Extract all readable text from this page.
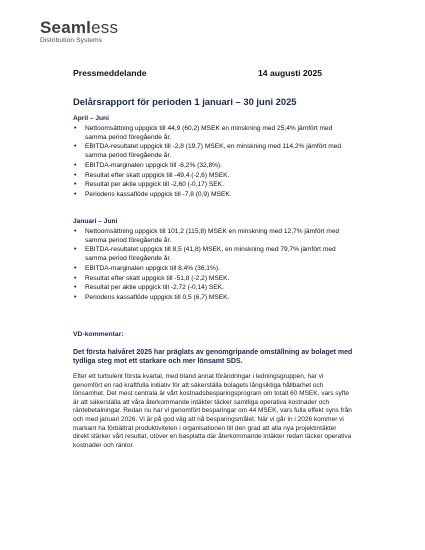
Seamless
Distribution Systems
Pressmeddelande	14 augusti 2025
Delårsrapport för perioden 1 januari – 30 juni 2025
April – Juni
• Nettoomsättning uppgick till 44,9 (60,2) MSEK en minskning med 25,4% jämfört med samma period föregående år.
• EBITDA-resultatet uppgick till -2,8 (19,7) MSEK, en minskning med 114,2% jämfört med samma period föregående år.
• EBITDA-marginalen uppgick till -6,2% (32,8%).
• Resultat efter skatt uppgick till -49,4 (-2,6) MSEK.
• Resultat per aktie uppgick till -2,60 (-0,17) SEK.
• Periodens kassaflöde uppgick till -7,8 (0,9) MSEK.
Januari – Juni
• Nettoomsättning uppgick till 101,2 (115,8) MSEK en minskning med 12,7% jämfört med samma period föregående år.
• EBITDA-resultatet uppgick till 8,5 (41,8) MSEK, en minskning med 79,7% jämfört med samma period föregående år.
• EBITDA-marginalen uppgick till 8,4% (36,1%).
• Resultat efter skatt uppgick till -51,8 (-2,2) MSEK.
• Resultat per aktie uppgick till -2,72 (-0,14) SEK.
• Periodens kassaflöde uppgick till 0,5 (6,7) MSEK.
VD-kommentar:
Det första halvåret 2025 har präglats av genomgripande omställning av bolaget med tydliga steg mot ett starkare och mer lönsamt SDS.
Efter ett turbulent första kvartal, med bland annat förändringar i ledningsgruppen, har vi genomfört en rad kraftfulla initiativ för att säkerställa bolagets långsiktiga hållbarhet och lönsamhet. Det mest centrala är vårt kostnadsbesparingsprogram om totalt 60 MSEK, vars syfte är att säkerställa att våra återkommande intäkter täcker samtliga operativa kostnader och räntebetalningar. Redan nu har vi genomfört besparingar om 44 MSEK, vars fulla effekt syns från och med januari 2026. Vi är på god väg att nå besparingsmålet. När vi går in i 2026 kommer vi markant ha förbättrat produktiviteten i organisationen till den grad att alla nya projektintäkter direkt stärker vårt resultat, utöver en basplatta där återkommande intäkter redan täcker operativa kostnader och räntor.
